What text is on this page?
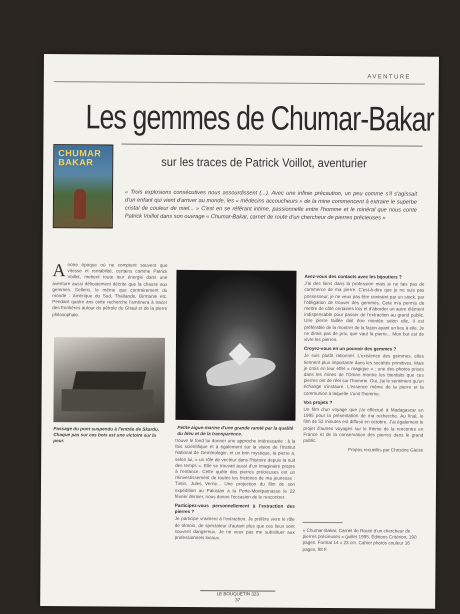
AVENTURE
CHUMAR
BAKAR
Les gemmes de Chumar-Bakar
sur les traces de Patrick Voillot, aventurier
« Trois explosions consécutives nous assourdissent (...). Avec une infinie précaution, un peu comme s'il s'agissait d'un enfant qui vient d'arriver au monde, les « médecins accoucheurs » de la mine commencent à extraire le superbe cristal de couleur de miel... » C'est en se référant intime, passionnelle entre l'homme et le minéral que nous conte Patrick Voillot dans son ouvrage « Chumar-Bakar, carnet de route d'un chercheur de pierres précieuses »
A notre époque où ne comptent souvent que vitesse et rentabilité, certains comme Patrick Voillot, mettent toute leur énergie dans une aventure aussi délicatement décrite que la chasse aux gemmes. Cellerci, le même que contrairement du monde : Amérique du Sud, Thaïlande, Birmanie etc. Pendant quatre ans cette recherche l'amènera à tracer des frontières autour du pétrole du Ghaul et de la pierre philosophale.
Passage du pont suspendu à l'entrée de Skardu. Chaque pas sur ces bois est une victoire sur la peur.
Petite aigue-marine d'une grande rareté par la qualité du bleu et de la transparence.

trouve le fond lui donner une approche intéressante : à la fois scientifique et à également sur la vision de l'Institut National de Gemmologie, et un brin mystique, la pierre a, selon lui, « un rôle de vecteur dans l'histoire depuis la nuit des temps ». Elle se trouvait aussi d'un imaginaire propre à l'enfance. Cette quête des pierres précieuses est un réinvestissement de toutes les histoires de ma jeunesse : Tintin, Jules Verne... Une projection du film de son expédition au Pakistan a la Porte-Montparnasse le 22 février dernier, nous donne l'occasion de le rencontrer.

Participez-vous personnellement à l'extraction des pierres ?

Je participe vraiment à l'extraction. Je préfère vivre le rôle de témoin, de spectateur d'autant plus que ces lieux sont souvent dangereux. Je ne veux pas me substituer aux professionnels locaux.

Avez-vous des contacts avec les bijoutiers ?

J'ai des liens dans la profession mais je ne fais pas de commerce de ma pierre. C'est-à-dire que je ne suis pas possesseur, je ne veux pas être contraint par un stock, par l'obligation de trouver des gemmes. Cela m'a permis de mettre de côté certaines lois et d'aborder un autre élément indispensable pour passer de l'extraction au grand public. Une pierre taillée doit être montée selon elle, il est préférable de la montrer de la façon ayant un lieu à elle. Je ne dirais pas de prix, que vaut la pierre... Mon but est de vivre les pierres.

Croyez-vous en un pouvoir des gemmes ?

Je suis plutôt rationnel. L'existence des gemmes, elles tiennent plus importante dans les sociétés primitives. Mais je crois en leur effet « magique » : une des photos prises dans les mines de l'Oman montre les bienfaits que ces pierres ont de réel sur l'homme. Oui, j'ai le sentiment qu'un échange s'instaure. L'essence même de la pierre et la communion à laquelle s'unit l'homme.

Vos projets ?

Un film d'un voyage que j'ai effectué à Madagascar en 1995 pour la présentation de ma recherche. Au final, le film de 52 minutes est diffusé en octobre. J'ai également le projet d'autres voyages sur le thème de la rencontre en France et de la conservation des pierres dans le grand public.

Propos recueillis par Christine Gleise

« Chumar-Bakar, Carnet de Route d'un chercheur de pierres précieuses » (juillet 1995, Éditions Critérion, 190 pages. Format 14 x 23 cm. Cahier photos couleur 16 pages, 98 F.
LE BOUQUETIN 323
37
